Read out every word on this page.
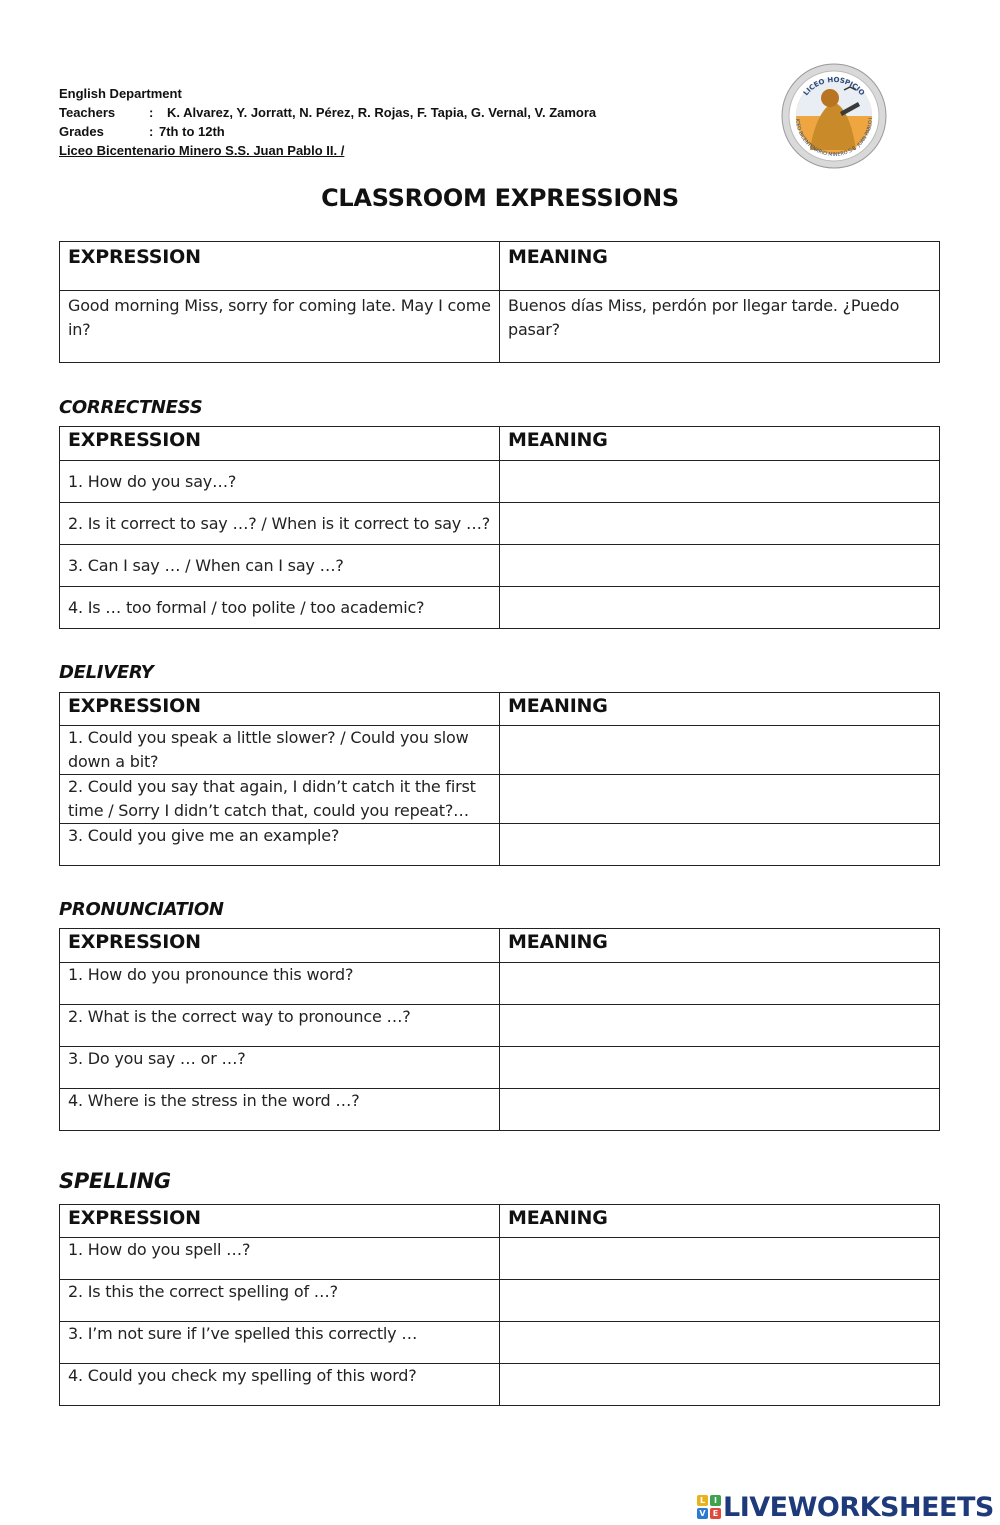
English Department
Teachers	:	K. Alvarez, Y. Jorratt, N. Pérez, R. Rojas, F. Tapia, G. Vernal, V. Zamora
Grades	: 7th to 12th
Liceo Bicentenario Minero S.S. Juan Pablo II. /
LICEO HOSPICIO
ICEO BICENTENARIO MINERO S.S. JUAN PABLO I
CLASSROOM EXPRESSIONS
EXPRESSION	MEANING
Good morning Miss, sorry for coming late. May I come in?	Buenos días Miss, perdón por llegar tarde. ¿Puedo pasar?
CORRECTNESS
EXPRESSION	MEANING
1. How do you say…?	
2. Is it correct to say …? / When is it correct to say …?	
3. Can I say … / When can I say …?	
4. Is … too formal / too polite / too academic?	
DELIVERY
EXPRESSION	MEANING
1. Could you speak a little slower? / Could you slow down a bit?	
2. Could you say that again, I didn’t catch it the first time / Sorry I didn’t catch that, could you repeat?…	
3. Could you give me an example?	
PRONUNCIATION
EXPRESSION	MEANING
1. How do you pronounce this word?	
2. What is the correct way to pronounce …?	
3. Do you say … or …?	
4. Where is the stress in the word …?	
SPELLING
EXPRESSION	MEANING
1. How do you spell …?	
2. Is this the correct spelling of …?	
3. I’m not sure if I’ve spelled this correctly …	
4. Could you check my spelling of this word?	
L	I
V E LIVEWORKSHEETS
